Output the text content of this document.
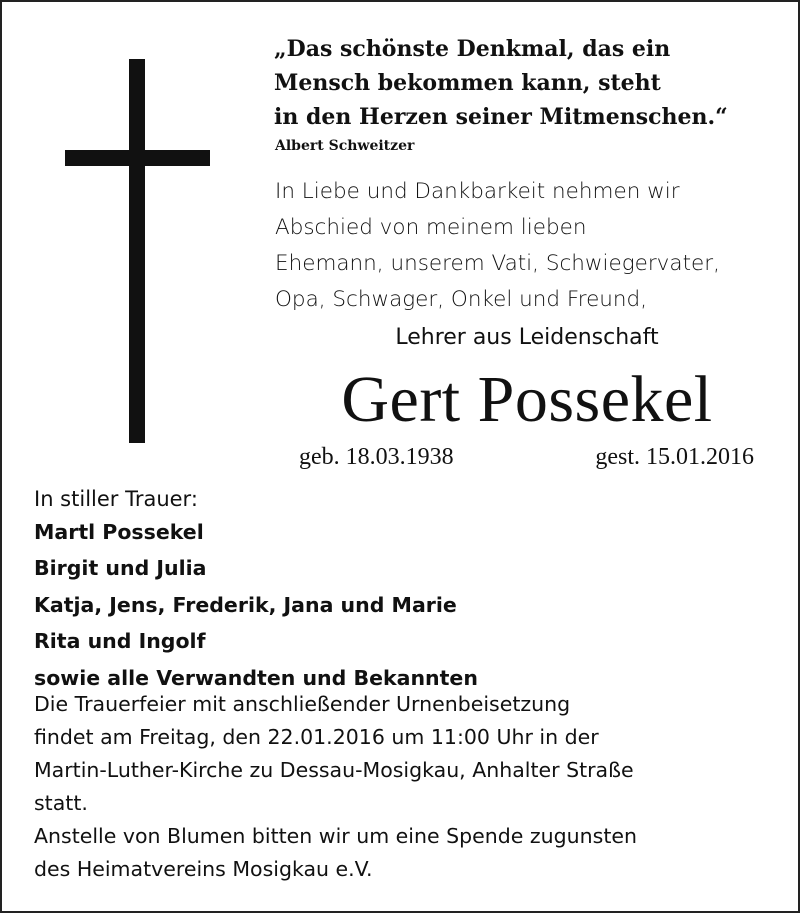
„Das schönste Denkmal, das ein
Mensch bekommen kann, steht
in den Herzen seiner Mitmenschen.“
Albert Schweitzer
In Liebe und Dankbarkeit nehmen wir
Abschied von meinem lieben
Ehemann, unserem Vati, Schwiegervater,
Opa, Schwager, Onkel und Freund,
Lehrer aus Leidenschaft
Gert Possekel
geb. 18.03.1938	gest. 15.01.2016
In stiller Trauer:
Martl Possekel
Birgit und Julia
Katja, Jens, Frederik, Jana und Marie
Rita und Ingolf
sowie alle Verwandten und Bekannten
Die Trauerfeier mit anschließender Urnenbeisetzung
findet am Freitag, den 22.01.2016 um 11:00 Uhr in der
Martin-Luther-Kirche zu Dessau-Mosigkau, Anhalter Straße
statt.
Anstelle von Blumen bitten wir um eine Spende zugunsten
des Heimatvereins Mosigkau e.V.
